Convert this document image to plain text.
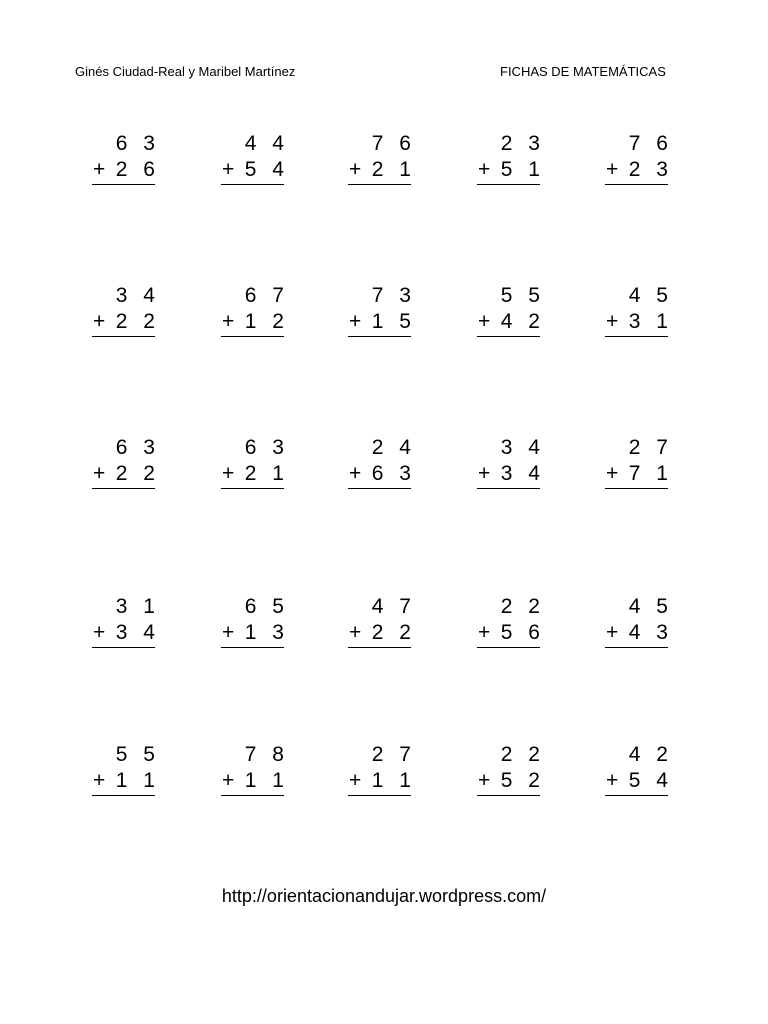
Ginés Ciudad-Real y Maribel Martínez	FICHAS DE MATEMÁTICAS
6 3
+ 2 6
4 4
+ 5 4
7 6
+ 2 1
2 3
+ 5 1
7 6
+ 2 3
3 4
+ 2 2
6 7
+ 1 2
7 3
+ 1 5
5 5
+ 4 2
4 5
+ 3 1
6 3
+ 2 2
6 3
+ 2 1
2 4
+ 6 3
3 4
+ 3 4
2 7
+ 7 1
3 1
+ 3 4
6 5
+ 1 3
4 7
+ 2 2
2 2
+ 5 6
4 5
+ 4 3
5 5
+ 1 1
7 8
+ 1 1
2 7
+ 1 1
2 2
+ 5 2
4 2
+ 5 4
http://orientacionandujar.wordpress.com/
